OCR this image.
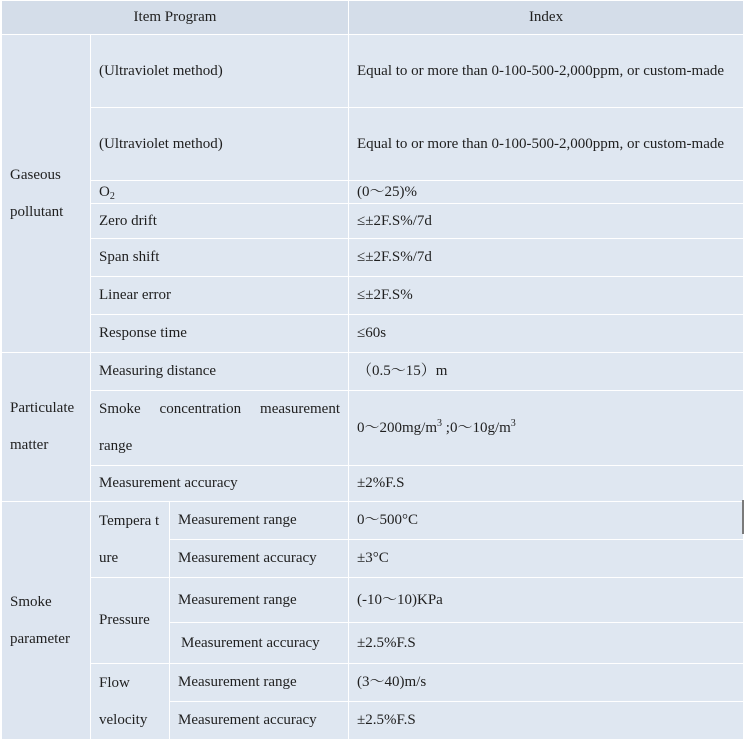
Item Program			Index
Gaseous pollutant	(Ultraviolet method)		Equal to or more than 0-100-500-2,000ppm, or custom-made
	(Ultraviolet method)		Equal to or more than 0-100-500-2,000ppm, or custom-made
	$O_2$		(0～25)%
	Zero drift		≤±2F.S%/7d
	Span shift		≤±2F.S%/7d
	Linear error		≤±2F.S%
	Response time		≤60s
Particulate matter	Measuring distance		（0.5～15）m
	Smoke concentration measurement range		$0\sim 200mg/m^3$ $;0\sim 10g/m^3$
	Measurement accuracy		±2%F.S
Smoke parameter	Tempera ture	Measurement range	0～500°C
		Measurement accuracy	±3°C
	Pressure	Measurement range	(-10～10)KPa
		Measurement accuracy	±2.5%F.S
	Flow velocity	Measurement range	(3～40)m/s
		Measurement accuracy	±2.5%F.S
